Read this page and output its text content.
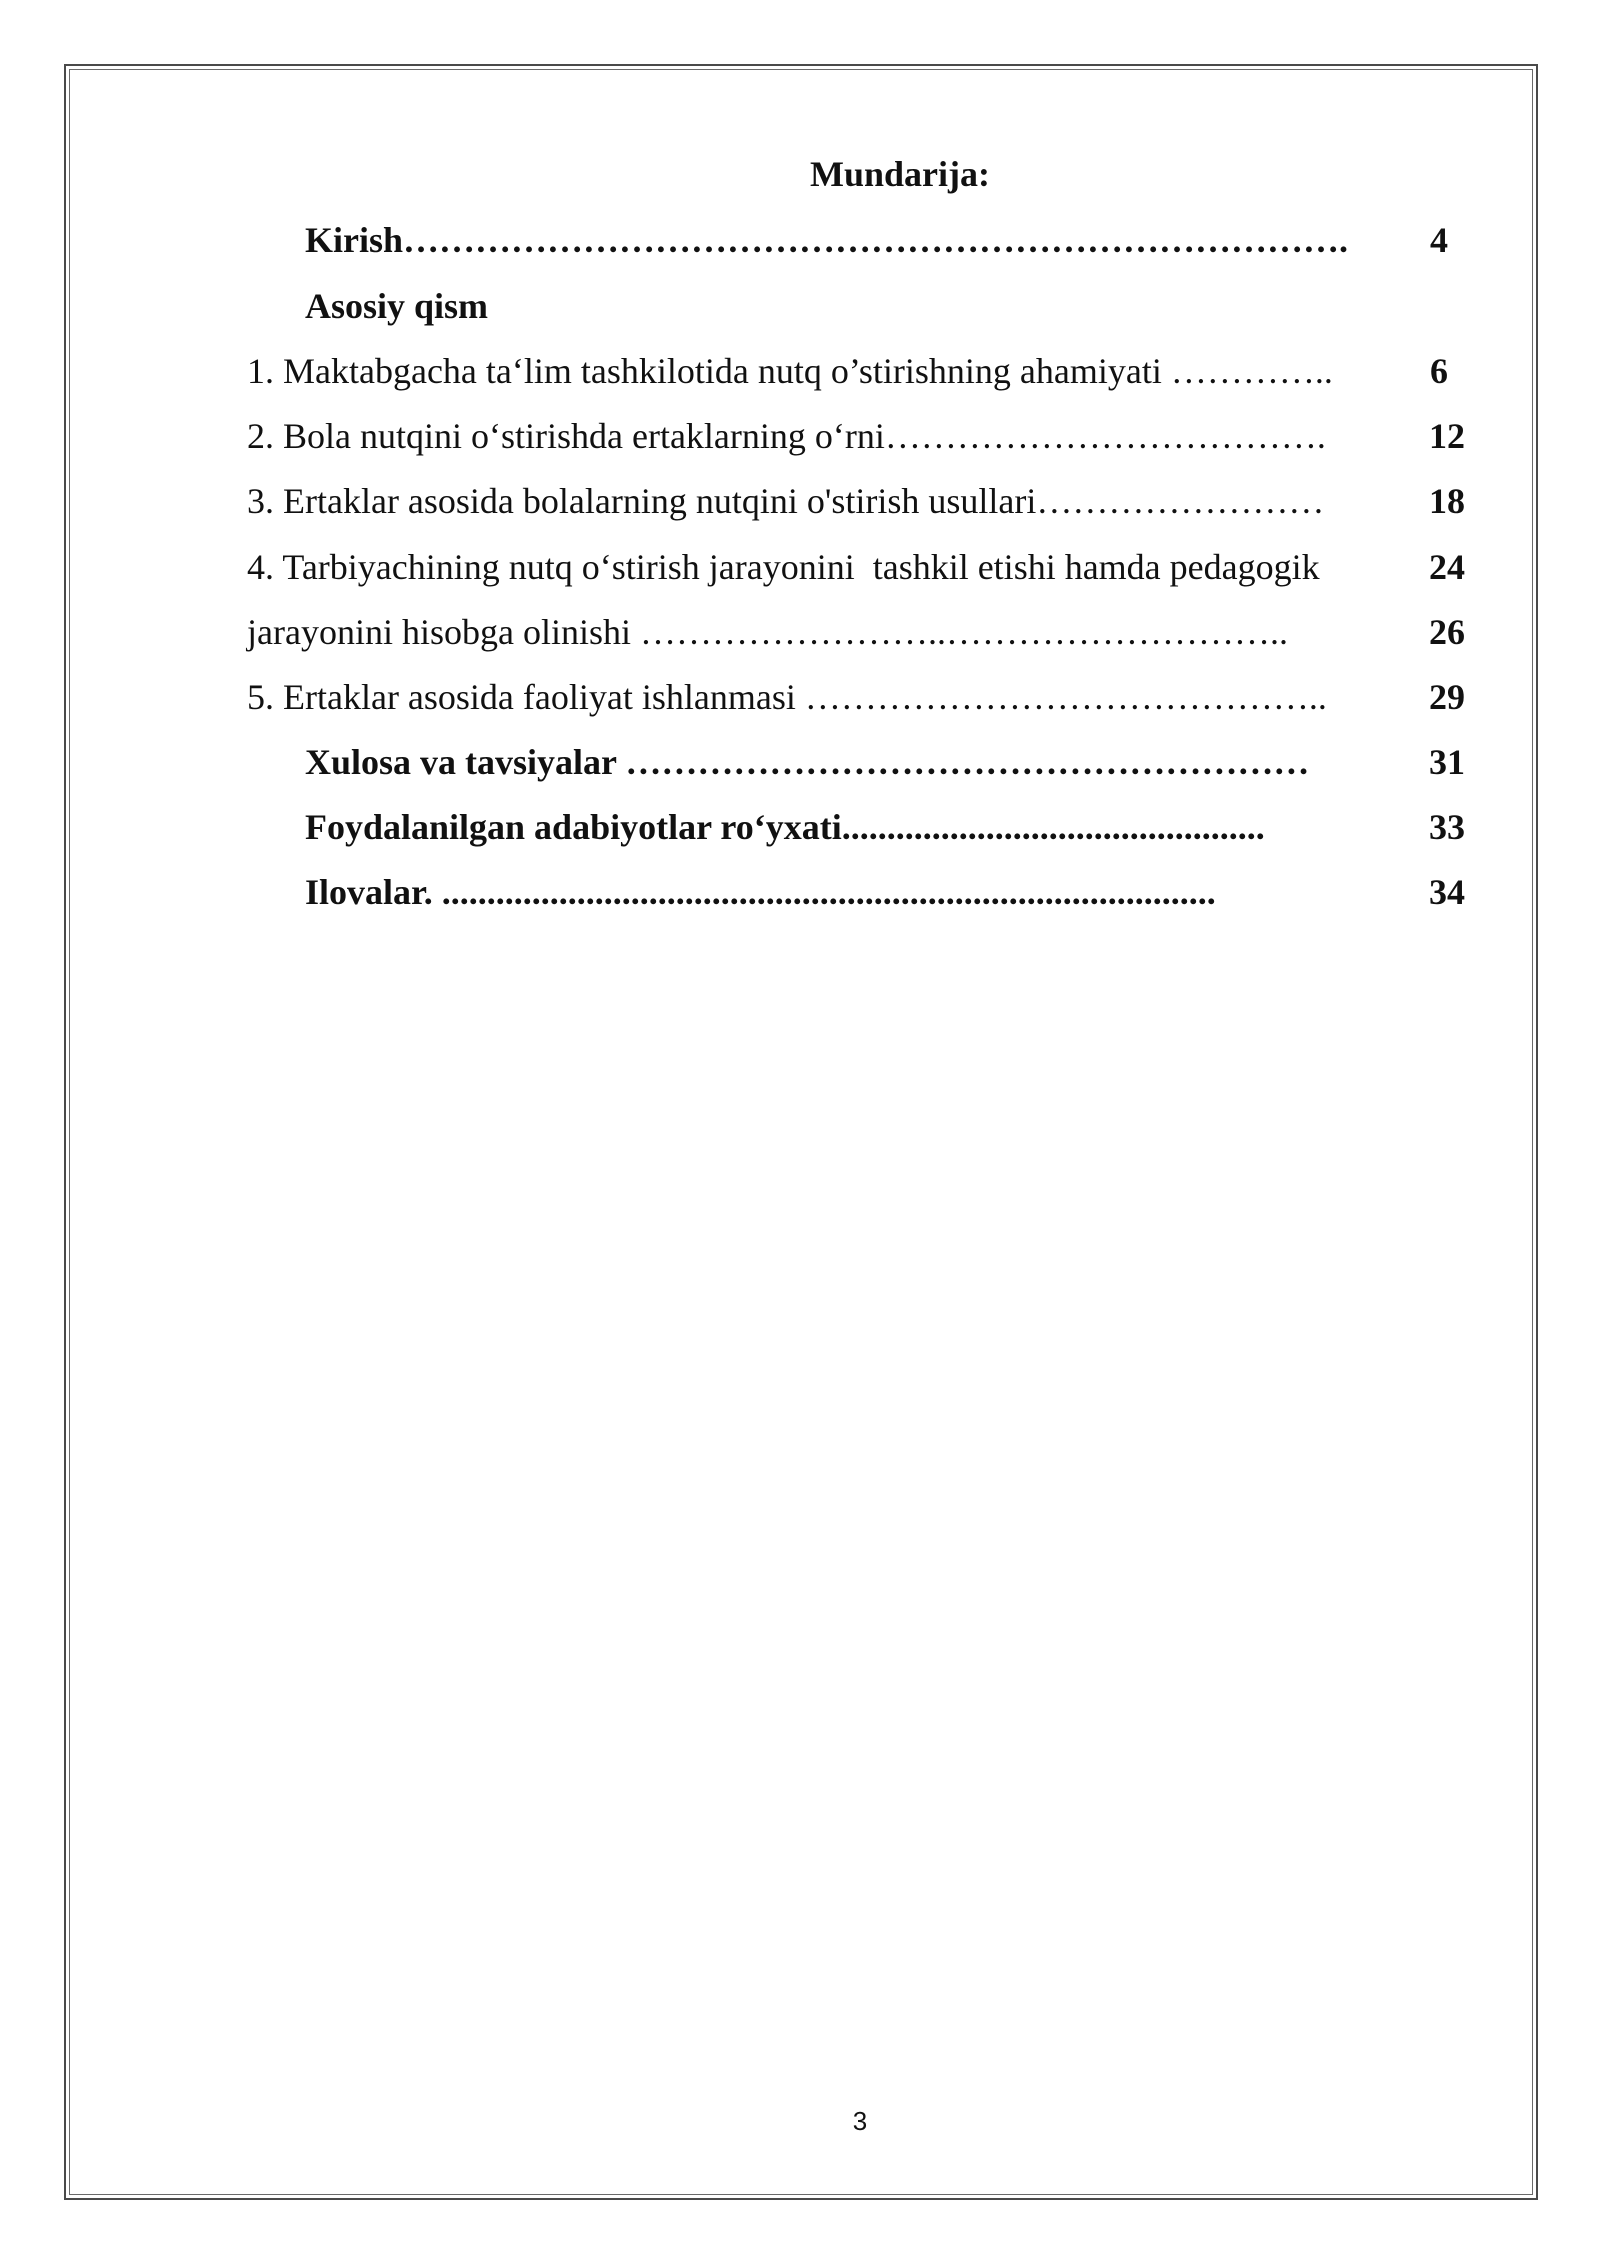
Mundarija:
Kirish…………………………………………………………………….	4
Asosiy qism
1. Maktabgacha ta‘lim tashkilotida nutq o’stirishning ahamiyati …………..	6
2. Bola nutqini o‘stirishda ertaklarning o‘rni……………………………….	12
3. Ertaklar asosida bolalarning nutqini o'stirish usullari……………………	18
4. Tarbiyachining nutq o‘stirish jarayonini  tashkil etishi hamda pedagogik	24
jarayonini hisobga olinishi ……………………..………………………..	26
5. Ertaklar asosida faoliyat ishlanmasi ……………………………………..	29
Xulosa va tavsiyalar …………………………………………………	31
Foydalanilgan adabiyotlar ro‘yxati...............................................	33
Ilovalar. ......................................................................................	34
3
